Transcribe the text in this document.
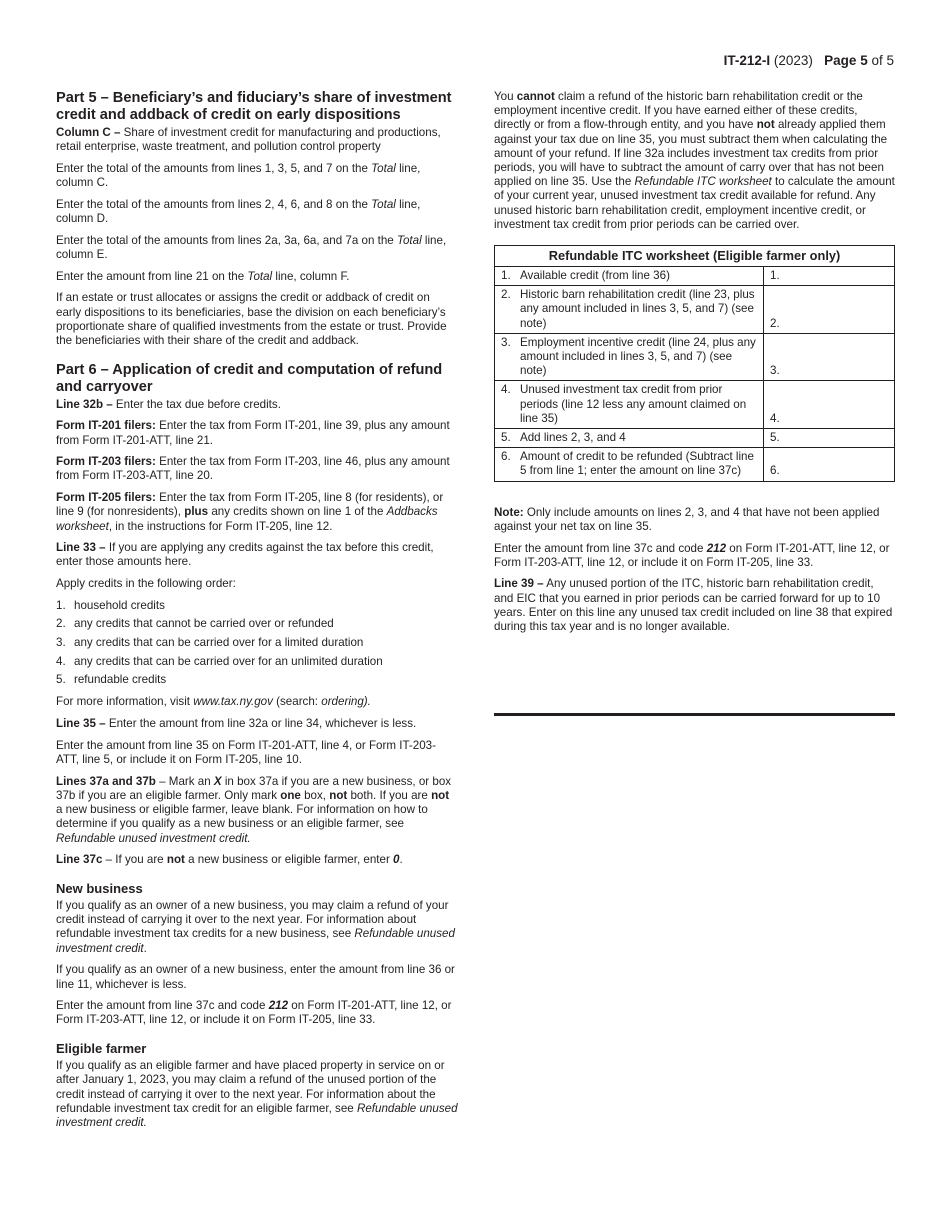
IT-212-I (2023) Page 5 of 5
Part 5 – Beneficiary’s and fiduciary’s share of investment credit and addback of credit on early dispositions

Column C – Share of investment credit for manufacturing and productions, retail enterprise, waste treatment, and pollution control property

Enter the total of the amounts from lines 1, 3, 5, and 7 on the Total line, column C.

Enter the total of the amounts from lines 2, 4, 6, and 8 on the Total line, column D.

Enter the total of the amounts from lines 2a, 3a, 6a, and 7a on the Total line, column E.

Enter the amount from line 21 on the Total line, column F.

If an estate or trust allocates or assigns the credit or addback of credit on early dispositions to its beneficiaries, base the division on each beneficiary’s proportionate share of qualified investments from the estate or trust. Provide the beneficiaries with their share of the credit and addback.

Part 6 – Application of credit and computation of refund and carryover

Line 32b – Enter the tax due before credits.

Form IT-201 filers: Enter the tax from Form IT-201, line 39, plus any amount from Form IT-201-ATT, line 21.

Form IT-203 filers: Enter the tax from Form IT-203, line 46, plus any amount from Form IT-203-ATT, line 20.

Form IT-205 filers: Enter the tax from Form IT-205, line 8 (for residents), or line 9 (for nonresidents), plus any credits shown on line 1 of the Addbacks worksheet, in the instructions for Form IT-205, line 12.

Line 33 – If you are applying any credits against the tax before this credit, enter those amounts here.

Apply credits in the following order:

1. household credits
2. any credits that cannot be carried over or refunded
3. any credits that can be carried over for a limited duration
4. any credits that can be carried over for an unlimited duration
5. refundable credits

For more information, visit www.tax.ny.gov (search: ordering).

Line 35 – Enter the amount from line 32a or line 34, whichever is less.

Enter the amount from line 35 on Form IT-201-ATT, line 4, or Form IT-203-ATT, line 5, or include it on Form IT-205, line 10.

Lines 37a and 37b – Mark an X in box 37a if you are a new business, or box 37b if you are an eligible farmer. Only mark one box, not both. If you are not a new business or eligible farmer, leave blank. For information on how to determine if you qualify as a new business or an eligible farmer, see Refundable unused investment credit.

Line 37c – If you are not a new business or eligible farmer, enter 0.

New business

If you qualify as an owner of a new business, you may claim a refund of your credit instead of carrying it over to the next year. For information about refundable investment tax credits for a new business, see Refundable unused investment credit.

If you qualify as an owner of a new business, enter the amount from line 36 or line 11, whichever is less.

Enter the amount from line 37c and code 212 on Form IT-201-ATT, line 12, or Form IT-203-ATT, line 12, or include it on Form IT-205, line 33.

Eligible farmer

If you qualify as an eligible farmer and have placed property in service on or after January 1, 2023, you may claim a refund of the unused portion of the credit instead of carrying it over to the next year. For information about the refundable investment tax credit for an eligible farmer, see Refundable unused investment credit.

You cannot claim a refund of the historic barn rehabilitation credit or the employment incentive credit. If you have earned either of these credits, directly or from a flow-through entity, and you have not already applied them against your tax due on line 35, you must subtract them when calculating the amount of your refund. If line 32a includes investment tax credits from prior periods, you will have to subtract the amount of carry over that has not been applied on line 35. Use the Refundable ITC worksheet to calculate the amount of your current year, unused investment tax credit available for refund. Any unused historic barn rehabilitation credit, employment incentive credit, or investment tax credit from prior periods can be carried over.

Refundable ITC worksheet (Eligible farmer only)	

1. Available credit (from line 36)	1.

2. Historic barn rehabilitation credit (line 23, plus any amount included in lines 3, 5, and 7) (see note)	2.

3. Employment incentive credit (line 24, plus any amount included in lines 3, 5, and 7) (see note)	3.

4. Unused investment tax credit from prior periods (line 12 less any amount claimed on line 35)	4.

5. Add lines 2, 3, and 4	5.

6. Amount of credit to be refunded (Subtract line 5 from line 1; enter the amount on line 37c)	6.

Note: Only include amounts on lines 2, 3, and 4 that have not been applied against your net tax on line 35.

Enter the amount from line 37c and code 212 on Form IT-201-ATT, line 12, or Form IT-203-ATT, line 12, or include it on Form IT-205, line 33.

Line 39 – Any unused portion of the ITC, historic barn rehabilitation credit, and EIC that you earned in prior periods can be carried forward for up to 10 years. Enter on this line any unused tax credit included on line 38 that expired during this tax year and is no longer available.
